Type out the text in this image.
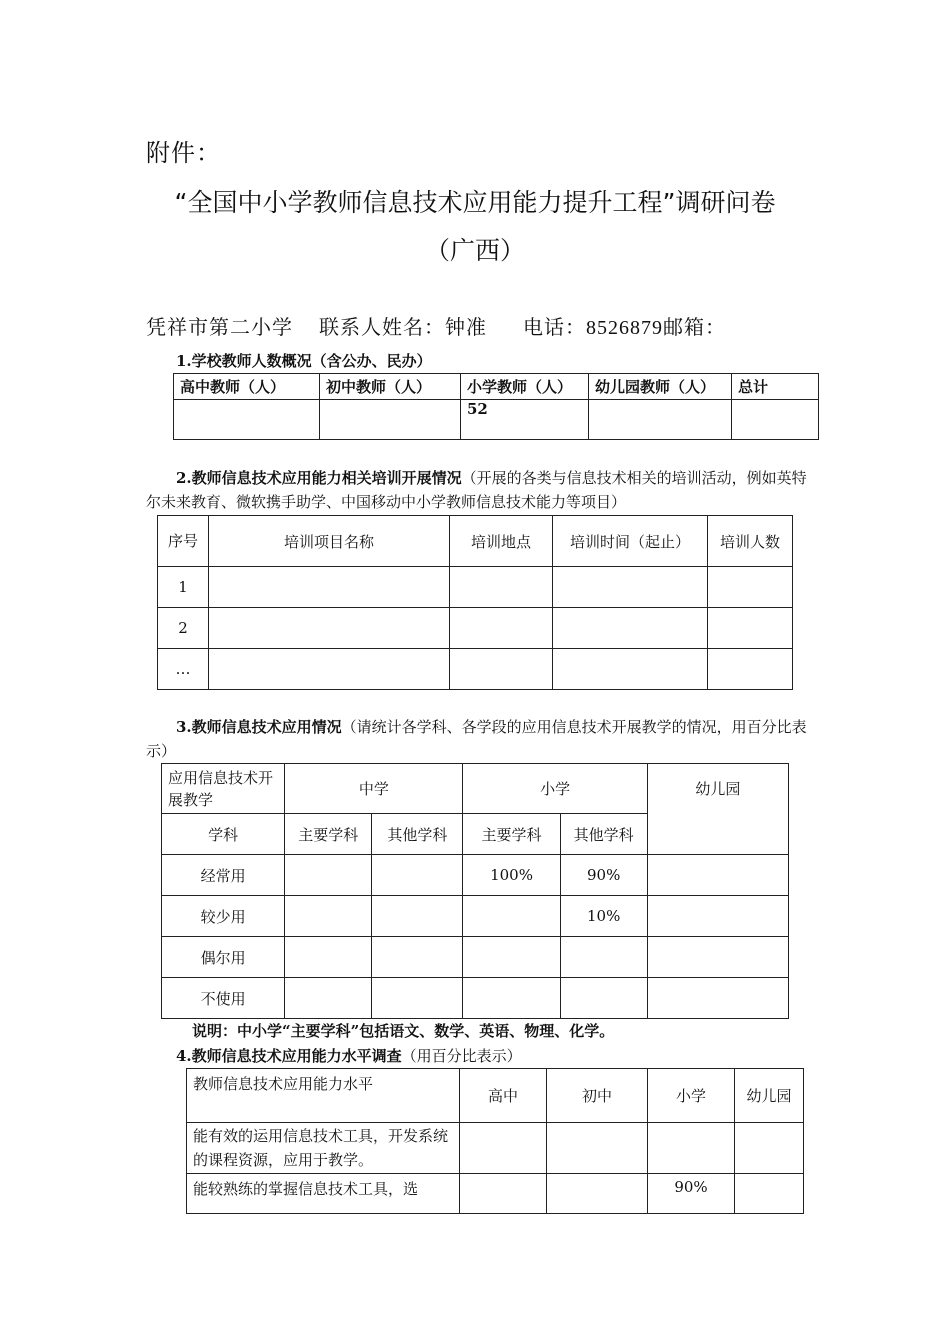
附件：
“全国中小学教师信息技术应用能力提升工程”调研问卷
（广西）
凭祥市第二小学 联系人姓名：钟准 电话：8526879邮箱：
1.学校教师人数概况（含公办、民办）
高中教师（人）	初中教师（人）	小学教师（人）	幼儿园教师（人）	总计
		52		
2.教师信息技术应用能力相关培训开展情况（开展的各类与信息技术相关的培训活动，例如英特尔未来教育、微软携手助学、中国移动中小学教师信息技术能力等项目）
序号	培训项目名称	培训地点	培训时间（起止）	培训人数
1				
2				
…				
3.教师信息技术应用情况（请统计各学科、各学段的应用信息技术开展教学的情况，用百分比表示）
应用信息技术开展教学	中学		小学		幼儿园
学科	主要学科	其他学科	主要学科	其他学科	
经常用			100%	90%	
较少用				10%	
偶尔用					
不使用					
说明：中小学“主要学科”包括语文、数学、英语、物理、化学。
4.教师信息技术应用能力水平调查（用百分比表示）
教师信息技术应用能力水平	高中	初中	小学	幼儿园
能有效的运用信息技术工具，开发系统的课程资源，应用于教学。				
能较熟练的掌握信息技术工具，选			90%	
